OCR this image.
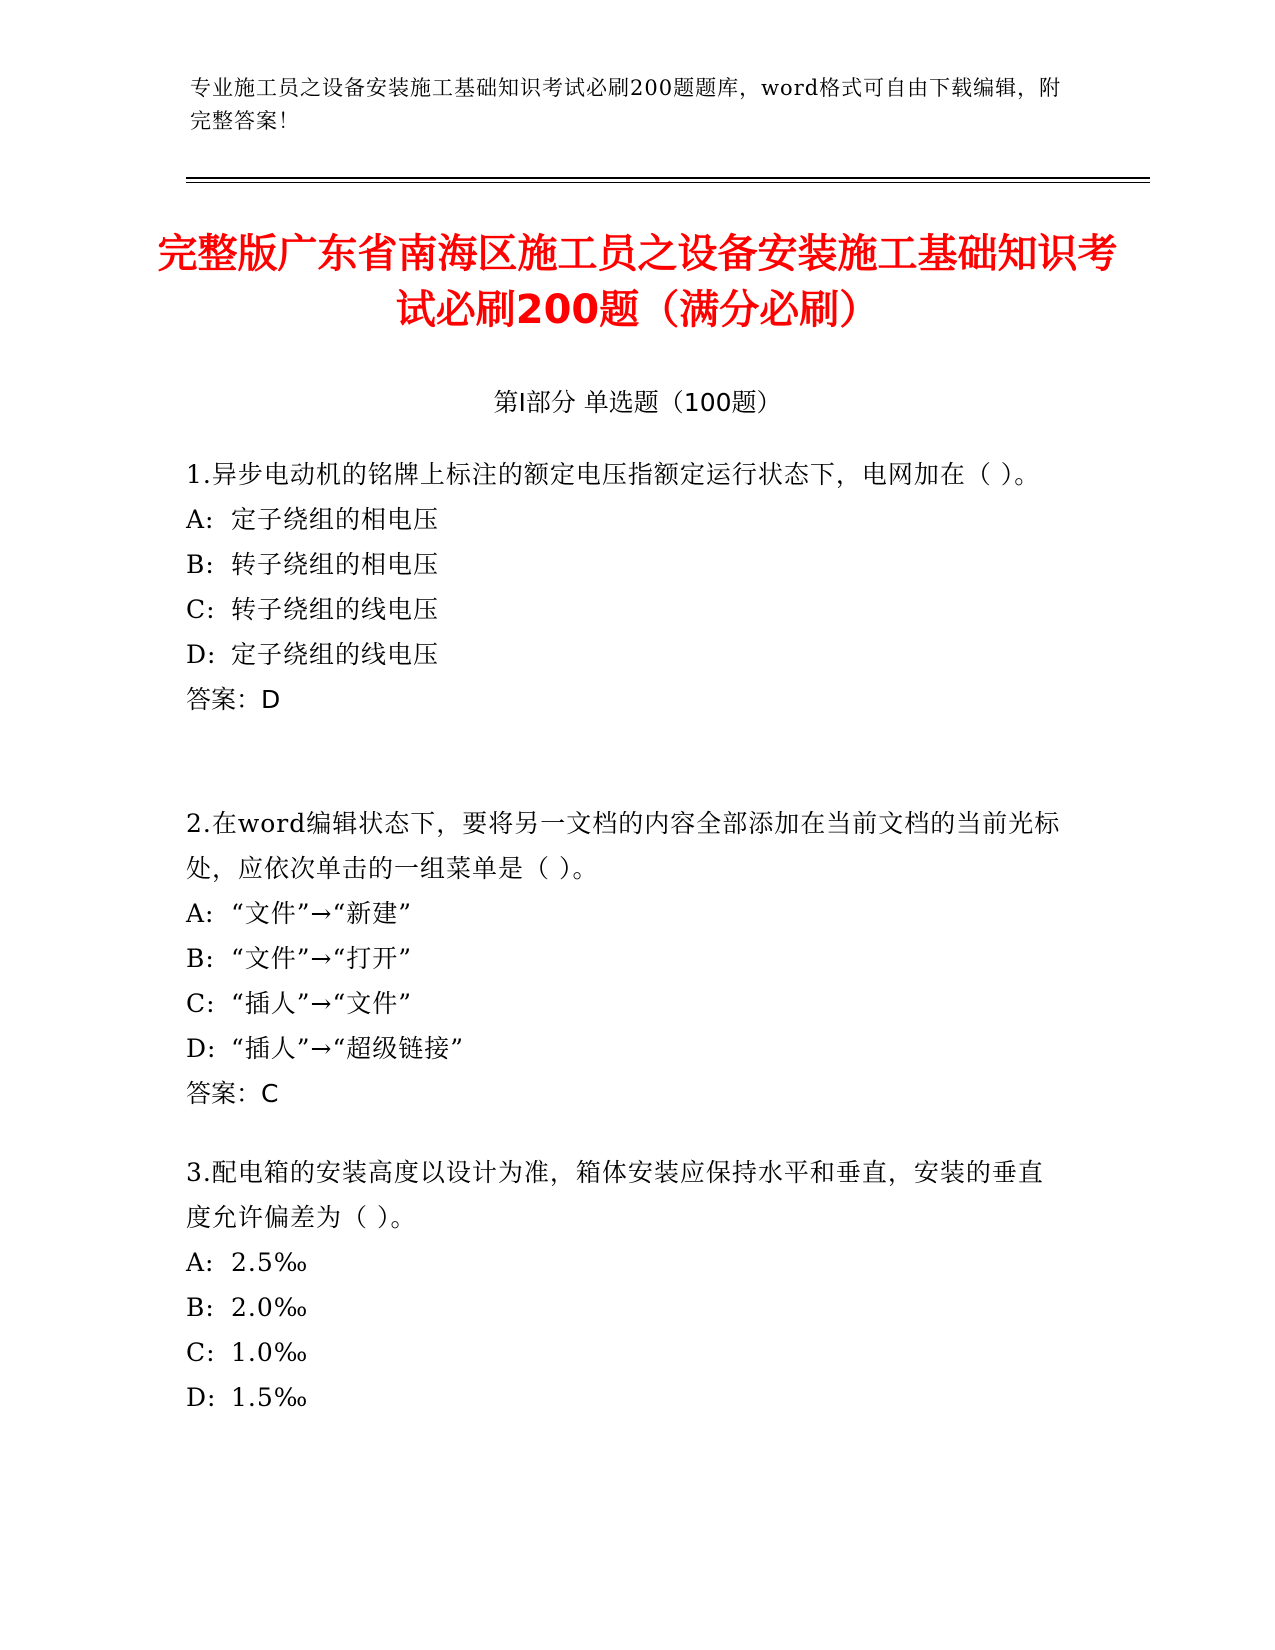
专业施工员之设备安装施工基础知识考试必刷200题题库，word格式可自由下载编辑，附完整答案！
完整版广东省南海区施工员之设备安装施工基础知识考试必刷200题（满分必刷）
第I部分 单选题（100题）

1.异步电动机的铭牌上标注的额定电压指额定运行状态下，电网加在（ ）。

A: 定子绕组的相电压
B: 转子绕组的相电压
C: 转子绕组的线电压
D: 定子绕组的线电压
答案：D

2.在word编辑状态下，要将另一文档的内容全部添加在当前文档的当前光标处，应依次单击的一组菜单是（ ）。

A: “文件”→“新建”
B: “文件”→“打开”
C: “插人”→“文件”
D: “插人”→“超级链接”
答案：C

3.配电箱的安装高度以设计为准，箱体安装应保持水平和垂直，安装的垂直度允许偏差为（ ）。

A: 2.5‰
B: 2.0‰
C: 1.0‰
D: 1.5‰
